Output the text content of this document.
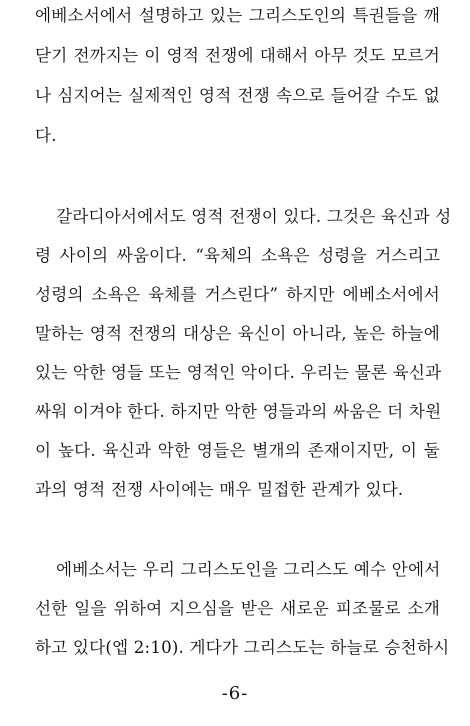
에베소서에서 설명하고 있는 그리스도인의 특권들을 깨
닫기 전까지는 이 영적 전쟁에 대해서 아무 것도 모르거
나 심지어는 실제적인 영적 전쟁 속으로 들어갈 수도 없
다.
갈라디아서에서도 영적 전쟁이 있다. 그것은 육신과 성
령 사이의 싸움이다. “육체의 소욕은 성령을 거스리고
성령의 소욕은 육체를 거스린다” 하지만 에베소서에서
말하는 영적 전쟁의 대상은 육신이 아니라, 높은 하늘에
있는 악한 영들 또는 영적인 악이다. 우리는 물론 육신과
싸워 이겨야 한다. 하지만 악한 영들과의 싸움은 더 차원
이 높다. 육신과 악한 영들은 별개의 존재이지만, 이 둘
과의 영적 전쟁 사이에는 매우 밀접한 관계가 있다.
에베소서는 우리 그리스도인을 그리스도 예수 안에서
선한 일을 위하여 지으심을 받은 새로운 피조물로 소개
하고 있다(엡 2:10). 게다가 그리스도는 하늘로 승천하시
-6-
